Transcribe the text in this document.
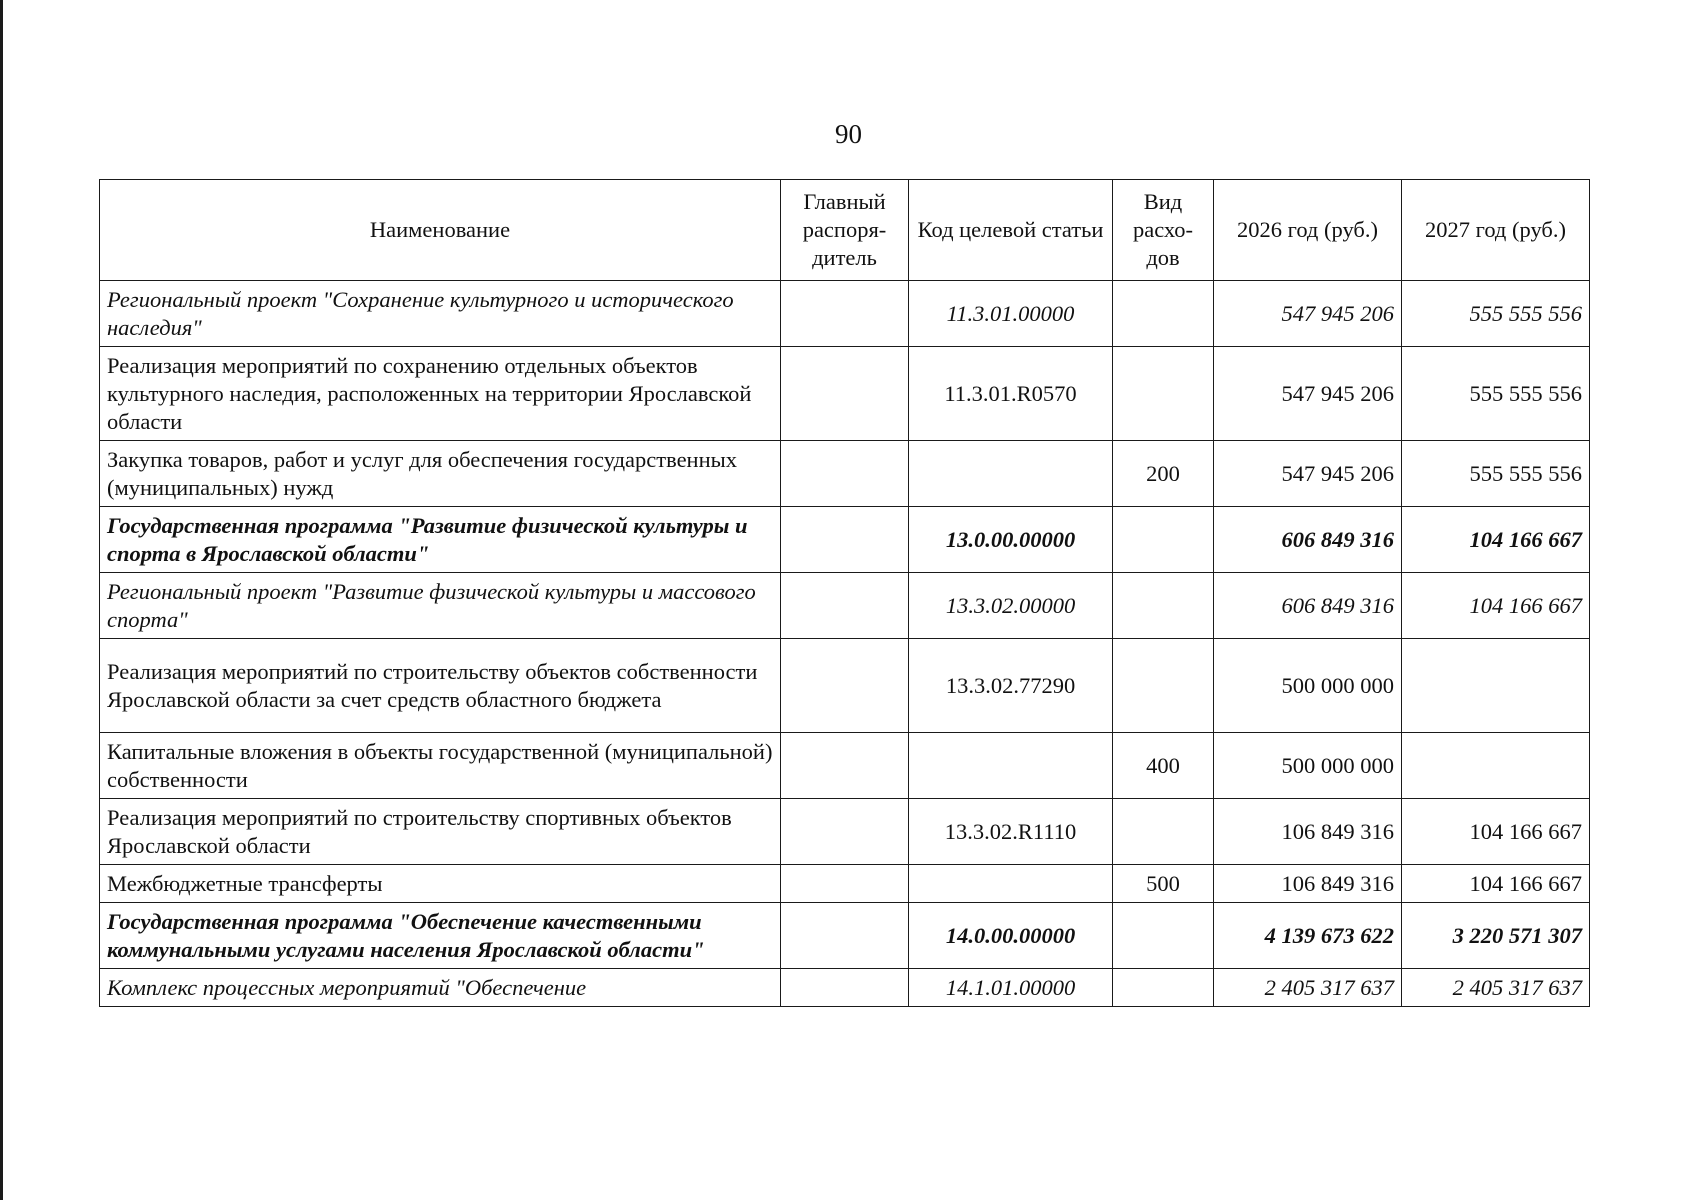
90
Наименование	Главный распоря- дитель	Код целевой статьи	Вид расхо- дов	2026 год (руб.)	2027 год (руб.)
Региональный проект "Сохранение культурного и исторического наследия"		11.3.01.00000		547 945 206	555 555 556
Реализация мероприятий по сохранению отдельных объектов культурного наследия, расположенных на территории Ярославской области		11.3.01.R0570		547 945 206	555 555 556
Закупка товаров, работ и услуг для обеспечения государственных (муниципальных) нужд			200	547 945 206	555 555 556
Государственная программа "Развитие физической культуры и спорта в Ярославской области"		13.0.00.00000		606 849 316	104 166 667
Региональный проект "Развитие физической культуры и массового спорта"		13.3.02.00000		606 849 316	104 166 667
Реализация мероприятий по строительству объектов собственности Ярославской области за счет средств областного бюджета		13.3.02.77290		500 000 000	
Капитальные вложения в объекты государственной (муниципальной) собственности			400	500 000 000	
Реализация мероприятий по строительству спортивных объектов Ярославской области		13.3.02.R1110		106 849 316	104 166 667
Межбюджетные трансферты			500	106 849 316	104 166 667
Государственная программа "Обеспечение качественными коммунальными услугами населения Ярославской области"		14.0.00.00000		4 139 673 622	3 220 571 307
Комплекс процессных мероприятий "Обеспечение		14.1.01.00000		2 405 317 637	2 405 317 637
